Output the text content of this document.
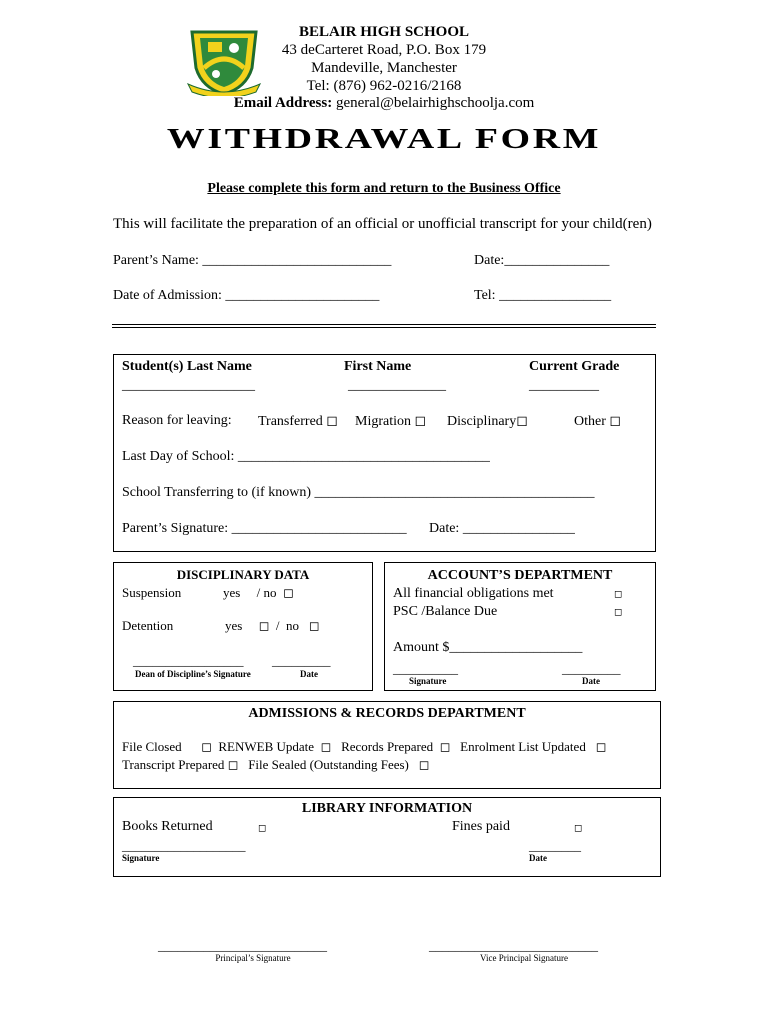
BELAIR HIGH SCHOOL
43 deCarteret Road, P.O. Box 179
Mandeville, Manchester
Tel: (876) 962-0216/2168
Email Address: general@belairhighschoolja.com
WITHDRAWAL FORM
Please complete this form and return to the Business Office
This will facilitate the preparation of an official or unofficial transcript for your child(ren)
Parent’s Name: ___________________________	Date:_______________
Date of Admission: ______________________	Tel: ________________
Student(s) Last Name	First Name	Current Grade
___________________	______________	__________
Reason for leaving: Transferred ◻ Migration ◻ Disciplinary◻	Other ◻
Last Day of School: ____________________________________
School Transferring to (if known) ________________________________________
Parent’s Signature: _________________________ Date: ________________
DISCIPLINARY DATA
Suspension	yes     / no  ◻
Detention	yes     ◻  /  no   ◻
_________________ _________
Dean of Discipline’s Signature	Date
ACCOUNT’S DEPARTMENT
All financial obligations met	◻
PSC /Balance Due	◻
Amount $___________________
__________	_________
Signature	Date
ADMISSIONS & RECORDS DEPARTMENT
File Closed      ◻  RENWEB Update  ◻   Records Prepared  ◻   Enrolment List Updated   ◻
Transcript Prepared ◻   File Sealed (Outstanding Fees)   ◻
LIBRARY INFORMATION
Books Returned	◻	Fines paid	◻
___________________	________
Signature	Date
__________________________
Principal’s Signature
__________________________
Vice Principal Signature
